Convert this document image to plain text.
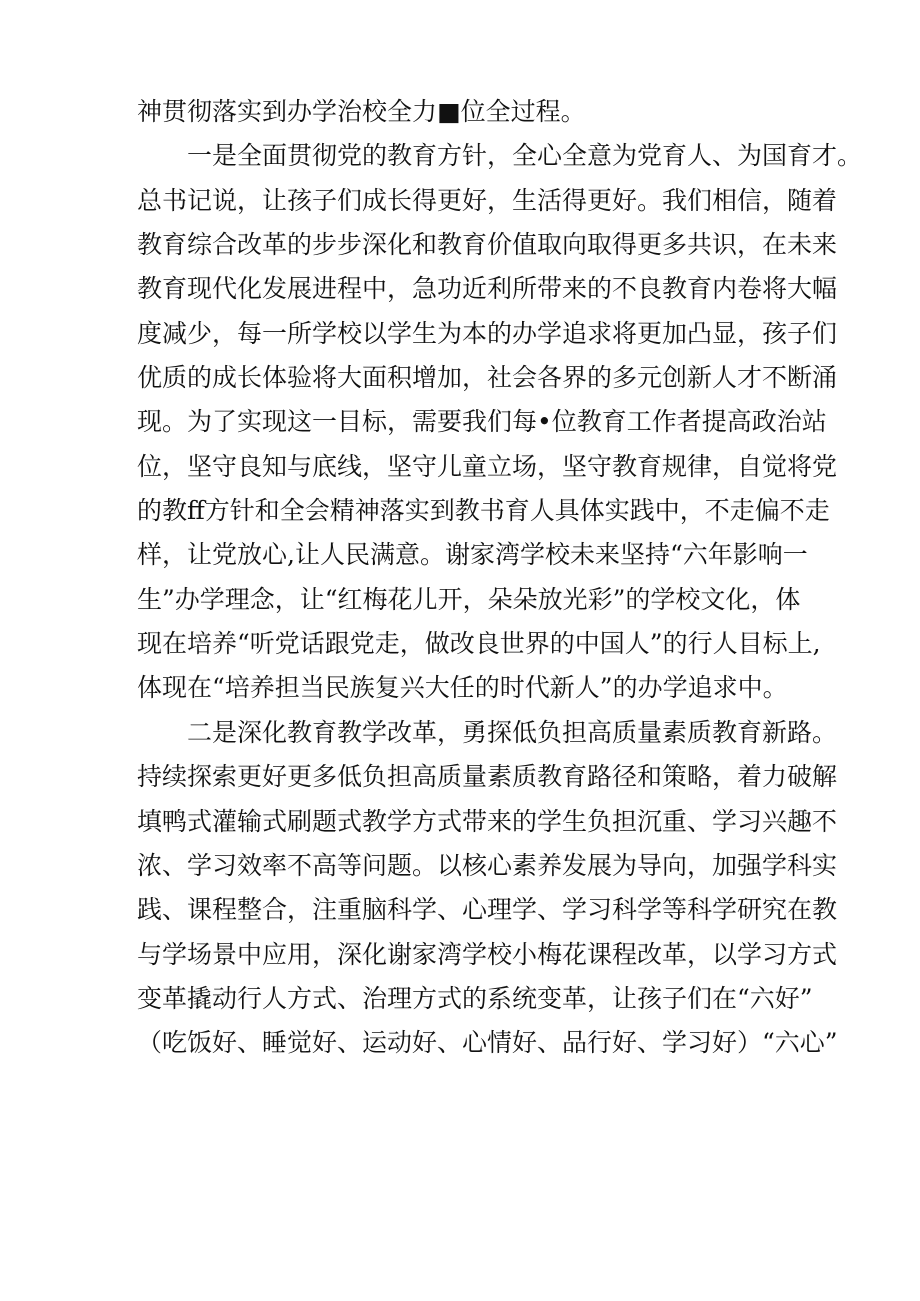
神贯彻落实到办学治校全力■位全过程。
一是全面贯彻党的教育方针，全心全意为党育人、为国育才。
总书记说，让孩子们成长得更好，生活得更好。我们相信，随着
教育综合改革的步步深化和教育价值取向取得更多共识，在未来
教育现代化发展进程中，急功近利所带来的不良教育内卷将大幅
度减少，每一所学校以学生为本的办学追求将更加凸显，孩子们
优质的成长体验将大面积增加，社会各界的多元创新人才不断涌
现。为了实现这一目标，需要我们每•位教育工作者提高政治站
位，坚守良知与底线，坚守儿童立场，坚守教育规律，自觉将党
的教ff方针和全会精神落实到教书育人具体实践中，不走偏不走
样，让党放心,让人民满意。谢家湾学校未来坚持“六年影响一
生”办学理念，让“红梅花儿开，朵朵放光彩”的学校文化，体
现在培养“听党话跟党走，做改良世界的中国人”的行人目标上,
体现在“培养担当民族复兴大任的时代新人”的办学追求中。
二是深化教育教学改革，勇探低负担高质量素质教育新路。
持续探索更好更多低负担高质量素质教育路径和策略，着力破解
填鸭式灌输式刷题式教学方式带来的学生负担沉重、学习兴趣不
浓、学习效率不高等问题。以核心素养发展为导向，加强学科实
践、课程整合，注重脑科学、心理学、学习科学等科学研究在教
与学场景中应用，深化谢家湾学校小梅花课程改革，以学习方式
变革撬动行人方式、治理方式的系统变革，让孩子们在“六好”
（吃饭好、睡觉好、运动好、心情好、品行好、学习好）“六心”
